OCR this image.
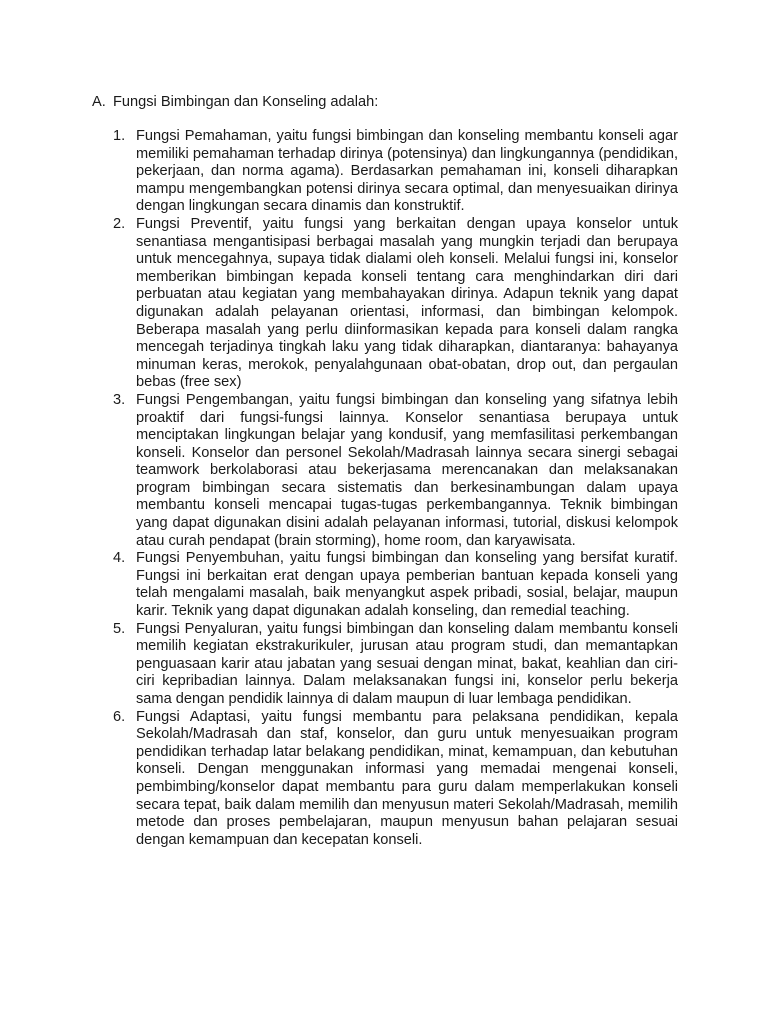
A. Fungsi Bimbingan dan Konseling adalah:
1. Fungsi Pemahaman, yaitu fungsi bimbingan dan konseling membantu konseli agar memiliki pemahaman terhadap dirinya (potensinya) dan lingkungannya (pendidikan, pekerjaan, dan norma agama). Berdasarkan pemahaman ini, konseli diharapkan mampu mengembangkan potensi dirinya secara optimal, dan menyesuaikan dirinya dengan lingkungan secara dinamis dan konstruktif.
2. Fungsi Preventif, yaitu fungsi yang berkaitan dengan upaya konselor untuk senantiasa mengantisipasi berbagai masalah yang mungkin terjadi dan berupaya untuk mencegahnya, supaya tidak dialami oleh konseli. Melalui fungsi ini, konselor memberikan bimbingan kepada konseli tentang cara menghindarkan diri dari perbuatan atau kegiatan yang membahayakan dirinya. Adapun teknik yang dapat digunakan adalah pelayanan orientasi, informasi, dan bimbingan kelompok. Beberapa masalah yang perlu diinformasikan kepada para konseli dalam rangka mencegah terjadinya tingkah laku yang tidak diharapkan, diantaranya: bahayanya minuman keras, merokok, penyalahgunaan obat-obatan, drop out, dan pergaulan bebas (free sex)
3. Fungsi Pengembangan, yaitu fungsi bimbingan dan konseling yang sifatnya lebih proaktif dari fungsi-fungsi lainnya. Konselor senantiasa berupaya untuk menciptakan lingkungan belajar yang kondusif, yang memfasilitasi perkembangan konseli. Konselor dan personel Sekolah/Madrasah lainnya secara sinergi sebagai teamwork berkolaborasi atau bekerjasama merencanakan dan melaksanakan program bimbingan secara sistematis dan berkesinambungan dalam upaya membantu konseli mencapai tugas-tugas perkembangannya. Teknik bimbingan yang dapat digunakan disini adalah pelayanan informasi, tutorial, diskusi kelompok atau curah pendapat (brain storming), home room, dan karyawisata.
4. Fungsi Penyembuhan, yaitu fungsi bimbingan dan konseling yang bersifat kuratif. Fungsi ini berkaitan erat dengan upaya pemberian bantuan kepada konseli yang telah mengalami masalah, baik menyangkut aspek pribadi, sosial, belajar, maupun karir. Teknik yang dapat digunakan adalah konseling, dan remedial teaching.
5. Fungsi Penyaluran, yaitu fungsi bimbingan dan konseling dalam membantu konseli memilih kegiatan ekstrakurikuler, jurusan atau program studi, dan memantapkan penguasaan karir atau jabatan yang sesuai dengan minat, bakat, keahlian dan ciri-ciri kepribadian lainnya. Dalam melaksanakan fungsi ini, konselor perlu bekerja sama dengan pendidik lainnya di dalam maupun di luar lembaga pendidikan.
6. Fungsi Adaptasi, yaitu fungsi membantu para pelaksana pendidikan, kepala Sekolah/Madrasah dan staf, konselor, dan guru untuk menyesuaikan program pendidikan terhadap latar belakang pendidikan, minat, kemampuan, dan kebutuhan konseli. Dengan menggunakan informasi yang memadai mengenai konseli, pembimbing/konselor dapat membantu para guru dalam memperlakukan konseli secara tepat, baik dalam memilih dan menyusun materi Sekolah/Madrasah, memilih metode dan proses pembelajaran, maupun menyusun bahan pelajaran sesuai dengan kemampuan dan kecepatan konseli.
